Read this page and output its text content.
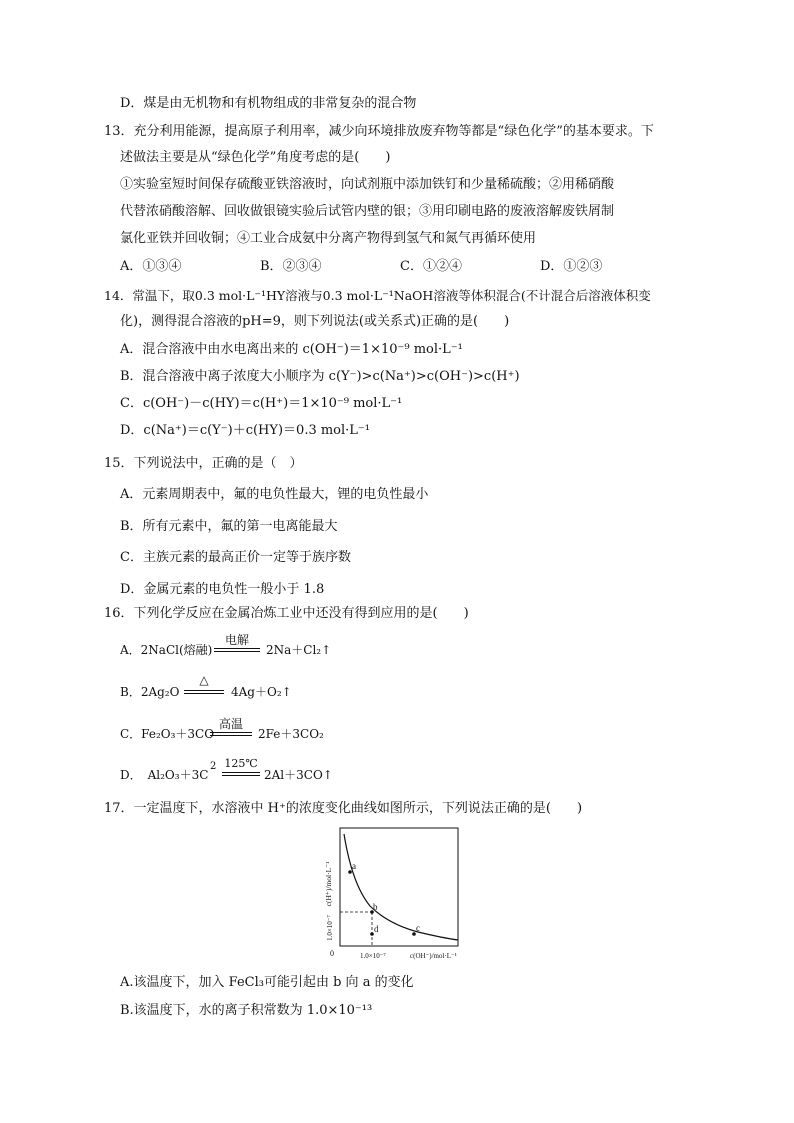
D．煤是由无机物和有机物组成的非常复杂的混合物
13．充分利用能源，提高原子利用率，减少向环境排放废弃物等都是“绿色化学”的基本要求。下
述做法主要是从“绿色化学”角度考虑的是(　　)
①实验室短时间保存硫酸亚铁溶液时，向试剂瓶中添加铁钉和少量稀硫酸；②用稀硝酸
代替浓硝酸溶解、回收做银镜实验后试管内壁的银；③用印刷电路的废液溶解废铁屑制
氯化亚铁并回收铜；④工业合成氨中分离产物得到氢气和氮气再循环使用
A．①③④	B．②③④	C．①②④	D．①②③
14．常温下，取0.3 mol·L⁻¹HY溶液与0.3 mol·L⁻¹NaOH溶液等体积混合(不计混合后溶液体积变
化)，测得混合溶液的pH=9，则下列说法(或关系式)正确的是(　　)
A．混合溶液中由水电离出来的 c(OH⁻)＝1×10⁻⁹ mol·L⁻¹
B．混合溶液中离子浓度大小顺序为 c(Y⁻)>c(Na⁺)>c(OH⁻)>c(H⁺)
C．c(OH⁻)－c(HY)＝c(H⁺)＝1×10⁻⁹ mol·L⁻¹
D．c(Na⁺)＝c(Y⁻)＋c(HY)＝0.3 mol·L⁻¹
15．下列说法中，正确的是（　）
A．元素周期表中，氟的电负性最大，锂的电负性最小
B．所有元素中，氟的第一电离能最大
C．主族元素的最高正价一定等于族序数
D．金属元素的电负性一般小于 1.8
16．下列化学反应在金属冶炼工业中还没有得到应用的是(　　)
A．2NaCl(熔融)
电解
2Na＋Cl₂↑
B．2Ag₂O
△
4Ag＋O₂↑
C．Fe₂O₃＋3CO
高温
2Fe＋3CO₂
D．　Al₂O₃＋3C
2 125℃
2Al＋3CO↑
17．一定温度下，水溶液中 H⁺的浓度变化曲线如图所示，下列说法正确的是(　　)
a
b
c
d
c(H⁺)/mol·L⁻¹
1.0×10⁻⁷
0	1.0×10⁻⁷	c(OH⁻)/mol·L⁻¹
A.该温度下，加入 FeCl₃可能引起由 b 向 a 的变化
B.该温度下，水的离子积常数为 1.0×10⁻¹³
